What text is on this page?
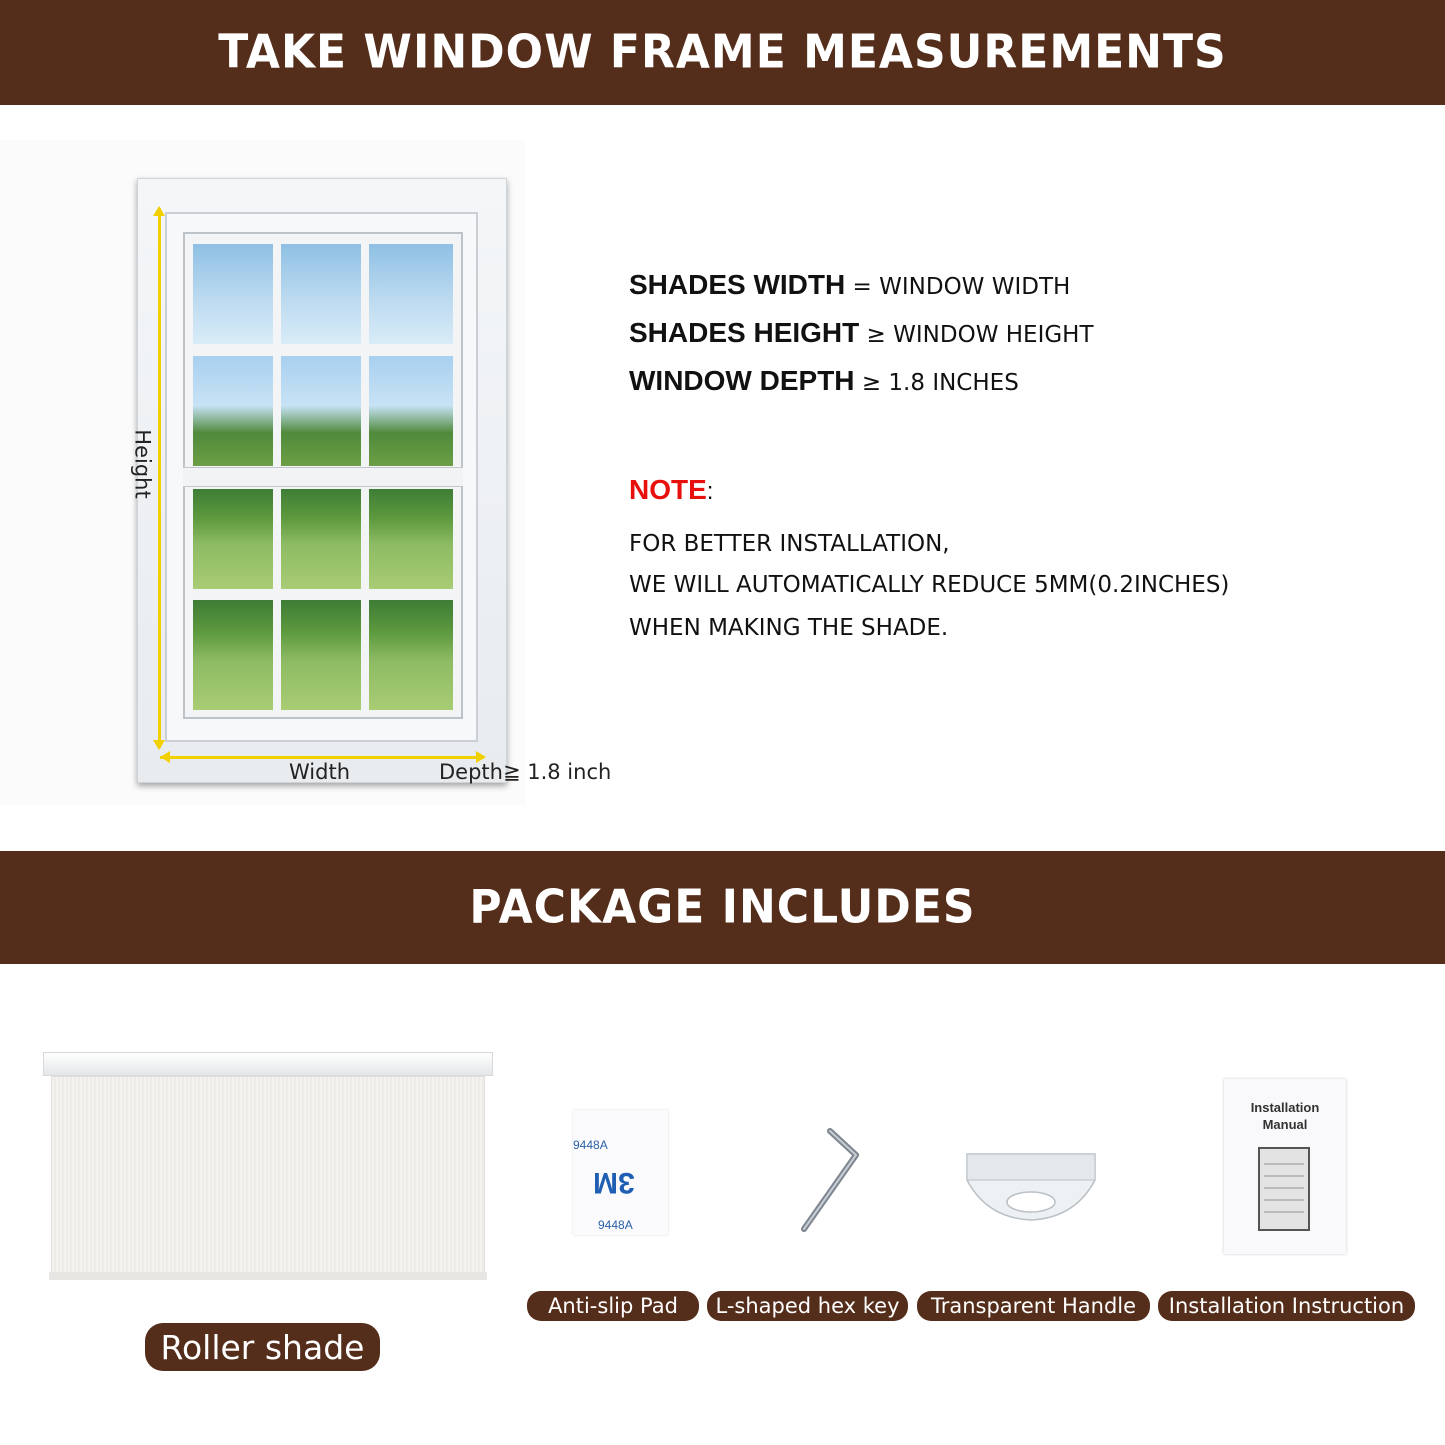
TAKE WINDOW FRAME MEASUREMENTS
Height
Width	Depth≧ 1.8 inch
SHADES WIDTH = WINDOW WIDTH
SHADES HEIGHT ≥ WINDOW HEIGHT
WINDOW DEPTH ≥ 1.8 INCHES
NOTE:
FOR BETTER INSTALLATION,
WE WILL AUTOMATICALLY REDUCE 5MM(0.2INCHES)
WHEN MAKING THE SHADE.
PACKAGE INCLUDES
9448A
3M
9448A
Installation
Manual
Roller shade
Anti-slip Pad	L-shaped hex key	Transparent Handle	Installation Instruction
